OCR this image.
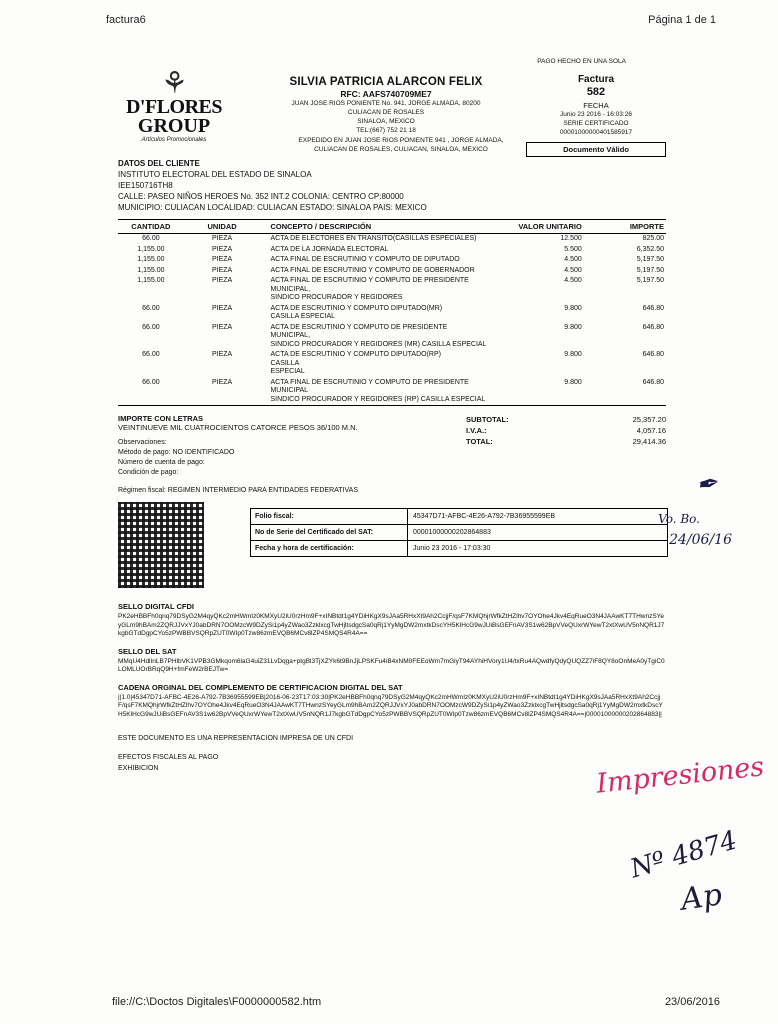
factura6	Página 1 de 1
⚘
D'FLORES
GROUP
Artículos Promocionales
SILVIA PATRICIA ALARCON FELIX
RFC: AAFS740709ME7
JUAN JOSE RIOS PONIENTE No. 941, JORGE ALMADA, 80200
CULIACAN DE ROSALES
SINALOA, MEXICO
TEL:(667) 752 21 18
Factura
582
FECHA
Junio 23 2016 - 16:03:26
SERIE CERTIFICADO
00001000000401585917
Documento Válido
EXPEDIDO EN JUAN JOSE RIOS PONIENTE 941 , JORGE ALMADA,
CULIACAN DE ROSALES, CULIACAN, SINALOA, MEXICO
DATOS DEL CLIENTE
INSTITUTO ELECTORAL DEL ESTADO DE SINALOA
IEE150716TH8
CALLE: PASEO NIÑOS HEROES No. 352 INT.2 COLONIA: CENTRO CP:80000
MUNICIPIO: CULIACAN LOCALIDAD: CULIACAN ESTADO: SINALOA PAIS: MEXICO
CANTIDAD	UNIDAD	CONCEPTO / DESCRIPCIÓN	VALOR UNITARIO	IMPORTE
66.00	PIEZA	ACTA DE ELECTORES EN TRANSITO(CASILLAS ESPECIALES)	12.500	825.00
1,155.00	PIEZA	ACTA DE LA JORNADA ELECTORAL	5.500	6,352.50
1,155.00	PIEZA	ACTA FINAL DE ESCRUTINIO Y COMPUTO DE DIPUTADO	4.500	5,197.50
1,155.00	PIEZA	ACTA FINAL DE ESCRUTINIO Y COMPUTO DE GOBERNADOR	4.500	5,197.50
1,155.00	PIEZA	ACTA FINAL DE ESCRUTINIO Y COMPUTO DE PRESIDENTE
MUNICIPAL,
SINDICO PROCURADOR Y REGIDORES	4.500	5,197.50
66.00	PIEZA	ACTA DE ESCRUTINIO Y COMPUTO DIPUTADO(MR)
CASILLA ESPECIAL	9.800	646.80
66.00	PIEZA	ACTA DE ESCRUTINIO Y COMPUTO DE PRESIDENTE
MUNICIPAL,
SINDICO PROCURADOR Y REGIDORES (MR) CASILLA ESPECIAL	9.800	646.80
66.00	PIEZA	ACTA DE ESCRUTINIO Y COMPUTO DIPUTADO(RP)
CASILLA
ESPECIAL	9.800	646.80
66.00	PIEZA	ACTA FINAL DE ESCRUTINIO Y COMPUTO DE PRESIDENTE
MUNICIPAL
SINDICO PROCURADOR Y REGIDORES (RP) CASILLA ESPECIAL	9.800	646.80
IMPORTE CON LETRAS
VEINTINUEVE MIL CUATROCIENTOS CATORCE PESOS 36/100 M.N.
Observaciones:
Método de pago: NO IDENTIFICADO
Número de cuenta de pago:
Condición de pago:
SUBTOTAL:	25,357.20
I.V.A.:	4,057.16
TOTAL:	29,414.36
Régimen fiscal: REGIMEN INTERMEDIO PARA ENTIDADES FEDERATIVAS
Folio fiscal:	45347D71-AFBC-4E26-A792-7B36955599EB
No de Serie del Certificado del SAT:	00001000000202864883
Fecha y hora de certificación:	Junio 23 2016 - 17:03:30
SELLO DIGITAL CFDI

PK2eHBBFh0qnq79DSyG2M4qyQKc2mHWmIz0KMXyU2iU0rzHm9F+xINBtdt1g4YDiHKgX9sJAa5RHxXt9Ah2CcjjF/qsF7KMQhjrWfkZtHZlhv7OYOhe4Jkv4EqRueO3N4JAAwKT7THwnzSYeyGLm9hBAm2ZQRJJVxYJ0abDRN7OOMzcW9DZySi1p4yZWao3ZzklxcgTwHjltsdgcSa0qRj1YyMgDW2mxtkDscYH5KlHcG9wJUiBsGEFnAV3S1w62BpVVeQUxrWYewT2xtXwUV5nNQR1J7kgbGTdDgpCYo5zPWBBVSQRpZUT0WIp0Tzw86zmEVQB6MCv8lZP4SMQS4R4A==

SELLO DEL SAT

MMqU4HdlInLB7PHlbVK1VPB3GMkqom6laG4uiZ31LvDqga+ptgBl3TjXZYk6t9BnJjLPSKFu4iB4xNM0FEEoWm7mGlyT94AYhiHVory1U4/txRu4AQwdfyQdyQUQZZ7iF8QY8oOnMeA0yTgiC0LOMLUOrBRqQ9H+fmFeW2rBEJTw=

CADENA ORGINAL DEL COMPLEMENTO DE CERTIFICACION DIGITAL DEL SAT

||1.0|45347D71-AFBC-4E26-A792-7B36955599EB|2016-06-23T17:03:30|PK2eHBBFh0qnq79DSyG2M4qyQKc2mHWmIz0KMXyU2iU0rzHm9F+xINBtdt1g4YDiHKgX9sJAa5RHxXt9Ah2CcjjF/qsF7KMQhjrWfkZtHZlhv7OYOhe4Jkv4EqRueO3N4JAAwKT7THwnzSYeyGLm9hBAm2ZQRJJVxYJ0abDRN7OOMzcW9DZySi1p4yZWao3ZzklxcgTwHjltsdgcSa0qRj1YyMgDW2mxtkDscYH5KlHcG9wJUiBsGEFnAV3S1w62BpVVeQUxrWYewT2xtXwUV5nNQR1J7kgbGTdDgpCYo5zPWBBVSQRpZUT0WIp0Tzw86zmEVQB6MCv8lZP4SMQS4R4A==|00001000000202864883||

ESTE DOCUMENTO ES UNA REPRESENTACION IMPRESA DE UN CFDI
EFECTOS FISCALES AL PAGO
EXHIBICION
PAGO HECHO EN UNA SOLA
✒
Vo. Bo.
24/06/16
Impresiones
Nº 4874
Ap
file://C:\Doctos Digitales\F0000000582.htm	23/06/2016
